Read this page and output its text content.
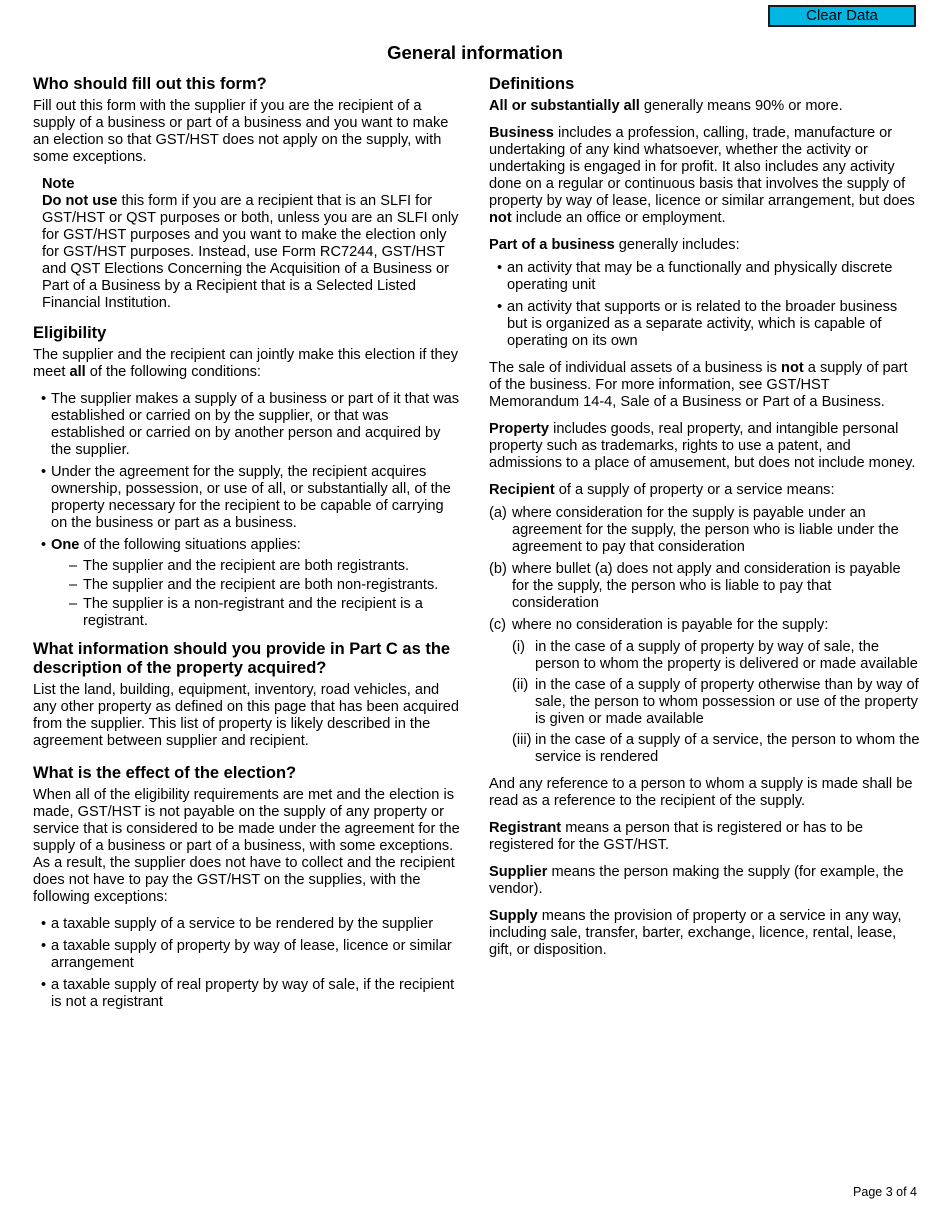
Clear Data
General information
Who should fill out this form?

Fill out this form with the supplier if you are the recipient of a supply of a business or part of a business and you want to make an election so that GST/HST does not apply on the supply, with some exceptions.

Note
Do not use this form if you are a recipient that is an SLFI for GST/HST or QST purposes or both, unless you are an SLFI only for GST/HST purposes and you want to make the election only for GST/HST purposes. Instead, use Form RC7244, GST/HST and QST Elections Concerning the Acquisition of a Business or Part of a Business by a Recipient that is a Selected Listed Financial Institution.
Eligibility

The supplier and the recipient can jointly make this election if they meet all of the following conditions:

• The supplier makes a supply of a business or part of it that was established or carried on by the supplier, or that was established or carried on by another person and acquired by the supplier.
• Under the agreement for the supply, the recipient acquires ownership, possession, or use of all, or substantially all, of the property necessary for the recipient to be capable of carrying on the business or part as a business.
• One of the following situations applies:
– The supplier and the recipient are both registrants.
– The supplier and the recipient are both non-registrants.
– The supplier is a non-registrant and the recipient is a registrant.
What information should you provide in Part C as the description of the property acquired?

List the land, building, equipment, inventory, road vehicles, and any other property as defined on this page that has been acquired from the supplier. This list of property is likely described in the agreement between supplier and recipient.

What is the effect of the election?

When all of the eligibility requirements are met and the election is made, GST/HST is not payable on the supply of any property or service that is considered to be made under the agreement for the supply of a business or part of a business, with some exceptions. As a result, the supplier does not have to collect and the recipient does not have to pay the GST/HST on the supplies, with the following exceptions:

• a taxable supply of a service to be rendered by the supplier
• a taxable supply of property by way of lease, licence or similar arrangement
• a taxable supply of real property by way of sale, if the recipient is not a registrant
Definitions

All or substantially all generally means 90% or more.

Business includes a profession, calling, trade, manufacture or undertaking of any kind whatsoever, whether the activity or undertaking is engaged in for profit. It also includes any activity done on a regular or continuous basis that involves the supply of property by way of lease, licence or similar arrangement, but does not include an office or employment.

Part of a business generally includes:

• an activity that may be a functionally and physically discrete operating unit
• an activity that supports or is related to the broader business but is organized as a separate activity, which is capable of operating on its own

The sale of individual assets of a business is not a supply of part of the business. For more information, see GST/HST Memorandum 14-4, Sale of a Business or Part of a Business.

Property includes goods, real property, and intangible personal property such as trademarks, rights to use a patent, and admissions to a place of amusement, but does not include money.

Recipient of a supply of property or a service means:

(a) where consideration for the supply is payable under an agreement for the supply, the person who is liable under the agreement to pay that consideration
(b) where bullet (a) does not apply and consideration is payable for the supply, the person who is liable to pay that consideration
(c) where no consideration is payable for the supply:
(i) in the case of a supply of property by way of sale, the person to whom the property is delivered or made available
(ii) in the case of a supply of property otherwise than by way of sale, the person to whom possession or use of the property is given or made available
(iii) in the case of a supply of a service, the person to whom the service is rendered

And any reference to a person to whom a supply is made shall be read as a reference to the recipient of the supply.

Registrant means a person that is registered or has to be registered for the GST/HST.

Supplier means the person making the supply (for example, the vendor).

Supply means the provision of property or a service in any way, including sale, transfer, barter, exchange, licence, rental, lease, gift, or disposition.

Page 3 of 4
